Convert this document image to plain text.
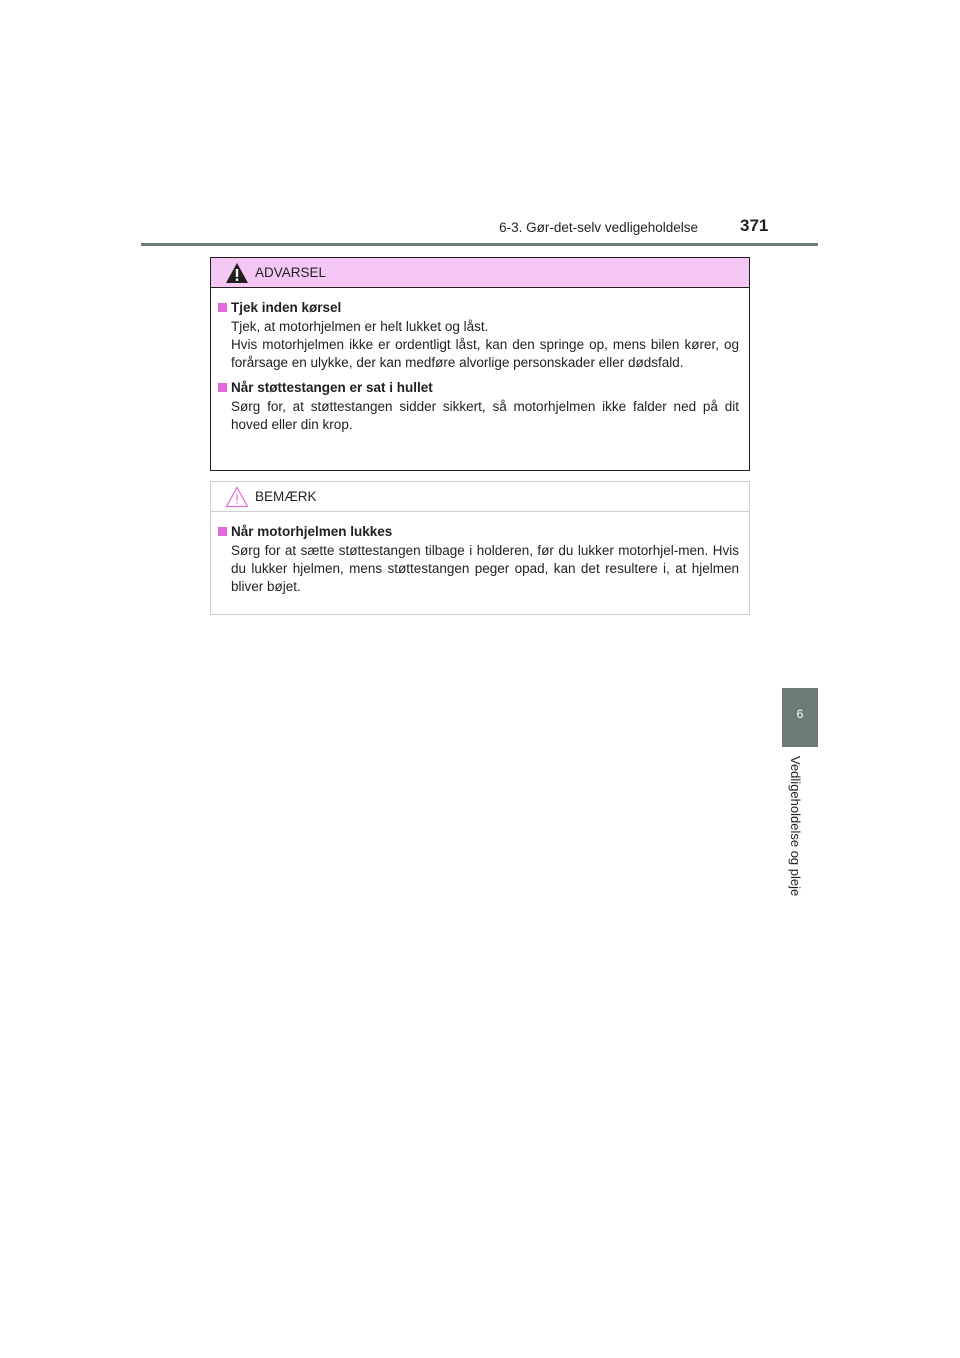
6-3. Gør-det-selv vedligeholdelse 371
6
Vedligeholdelse og pleje
ADVARSEL
Tjek inden kørsel

Tjek, at motorhjelmen er helt lukket og låst.

Hvis motorhjelmen ikke er ordentligt låst, kan den springe op, mens bilen kører, og forårsage en ulykke, der kan medføre alvorlige personskader eller dødsfald.

Når støttestangen er sat i hullet

Sørg for, at støttestangen sidder sikkert, så motorhjelmen ikke falder ned på dit hoved eller din krop.

BEMÆRK
Når motorhjelmen lukkes

Sørg for at sætte støttestangen tilbage i holderen, før du lukker motorhjel-men. Hvis du lukker hjelmen, mens støttestangen peger opad, kan det resultere i, at hjelmen bliver bøjet.
